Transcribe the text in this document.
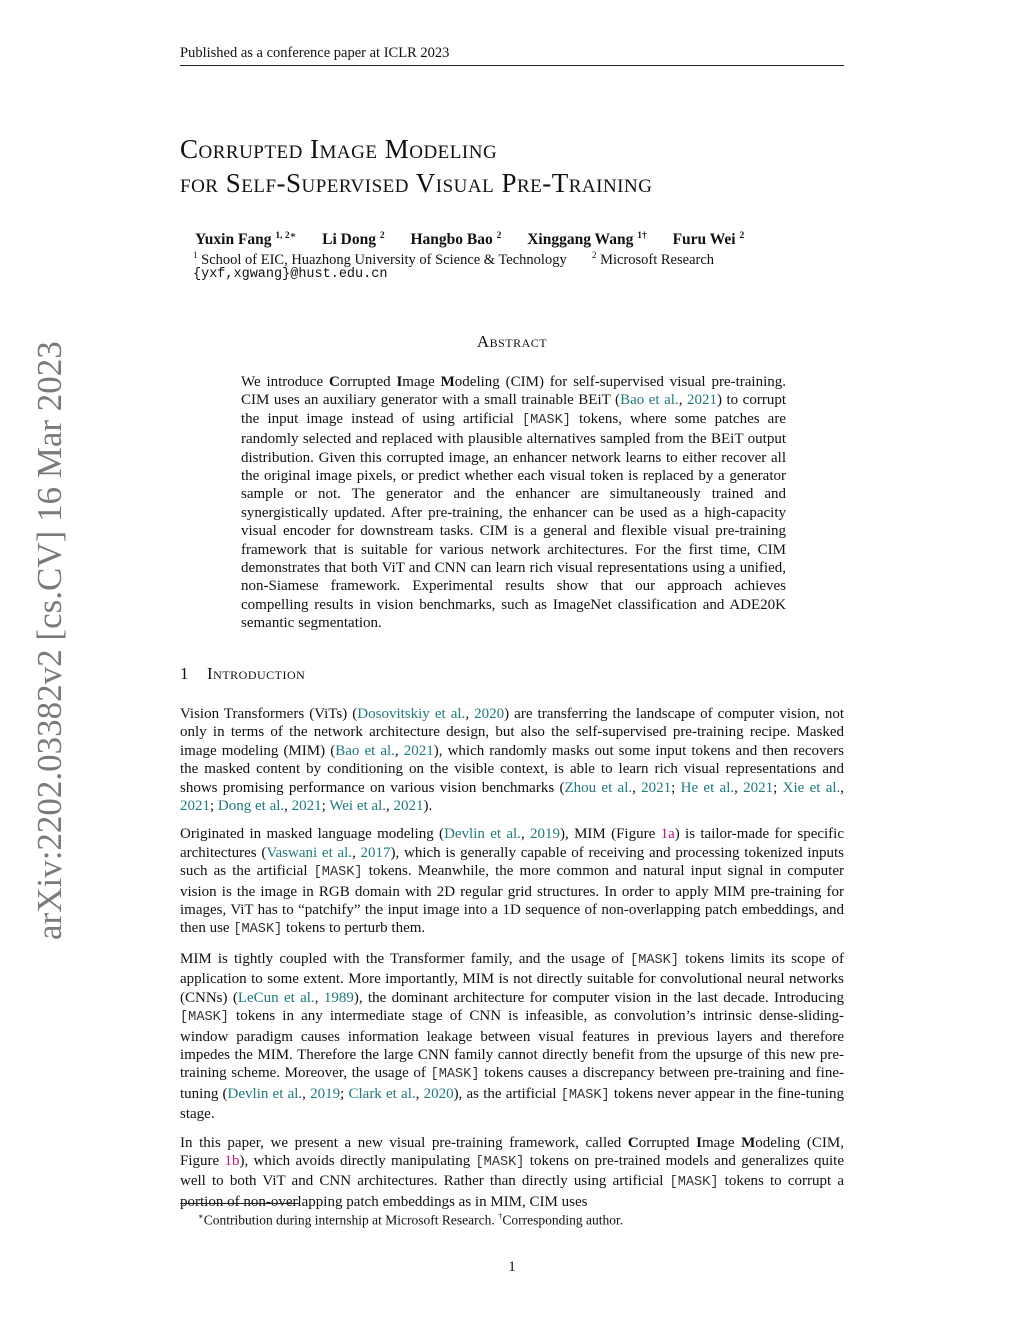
Published as a conference paper at ICLR 2023
arXiv:2202.03382v2 [cs.CV] 16 Mar 2023
Corrupted Image Modeling
for Self-Supervised Visual Pre-Training
Yuxin Fang $^{1, 2∗}$ Li Dong $^2$ Hangbo Bao $^2$ Xinggang Wang $^{1\dagger}$ Furu Wei $^2$
$^1$ School of EIC, Huazhong University of Science & Technology	$^2$ Microsoft Research
{yxf,xgwang}@hust.edu.cn
Abstract
We introduce Corrupted Image Modeling (CIM) for self-supervised visual pre-training. CIM uses an auxiliary generator with a small trainable BEiT (Bao et al., 2021) to corrupt the input image instead of using artificial [MASK] tokens, where some patches are randomly selected and replaced with plausible alternatives sampled from the BEiT output distribution. Given this corrupted image, an enhancer network learns to either recover all the original image pixels, or predict whether each visual token is replaced by a generator sample or not. The generator and the enhancer are simultaneously trained and synergistically updated. After pre-training, the enhancer can be used as a high-capacity visual encoder for downstream tasks. CIM is a general and flexible visual pre-training framework that is suitable for various network architectures. For the first time, CIM demonstrates that both ViT and CNN can learn rich visual representations using a unified, non-Siamese framework. Experimental results show that our approach achieves compelling results in vision benchmarks, such as ImageNet classification and ADE20K semantic segmentation.
1 Introduction

Vision Transformers (ViTs) (Dosovitskiy et al., 2020) are transferring the landscape of computer vision, not only in terms of the network architecture design, but also the self-supervised pre-training recipe. Masked image modeling (MIM) (Bao et al., 2021), which randomly masks out some input tokens and then recovers the masked content by conditioning on the visible context, is able to learn rich visual representations and shows promising performance on various vision benchmarks (Zhou et al., 2021; He et al., 2021; Xie et al., 2021; Dong et al., 2021; Wei et al., 2021).

Originated in masked language modeling (Devlin et al., 2019), MIM (Figure 1a) is tailor-made for specific architectures (Vaswani et al., 2017), which is generally capable of receiving and processing tokenized inputs such as the artificial [MASK] tokens. Meanwhile, the more common and natural input signal in computer vision is the image in RGB domain with 2D regular grid structures. In order to apply MIM pre-training for images, ViT has to “patchify” the input image into a 1D sequence of non-overlapping patch embeddings, and then use [MASK] tokens to perturb them.

MIM is tightly coupled with the Transformer family, and the usage of [MASK] tokens limits its scope of application to some extent. More importantly, MIM is not directly suitable for convolutional neural networks (CNNs) (LeCun et al., 1989), the dominant architecture for computer vision in the last decade. Introducing [MASK] tokens in any intermediate stage of CNN is infeasible, as convolution’s intrinsic dense-sliding-window paradigm causes information leakage between visual features in previous layers and therefore impedes the MIM. Therefore the large CNN family cannot directly benefit from the upsurge of this new pre-training scheme. Moreover, the usage of [MASK] tokens causes a discrepancy between pre-training and fine-tuning (Devlin et al., 2019; Clark et al., 2020), as the artificial [MASK] tokens never appear in the fine-tuning stage.

In this paper, we present a new visual pre-training framework, called Corrupted Image Modeling (CIM, Figure 1b), which avoids directly manipulating [MASK] tokens on pre-trained models and generalizes quite well to both ViT and CNN architectures. Rather than directly using artificial [MASK] tokens to corrupt a portion of non-overlapping patch embeddings as in MIM, CIM uses

∗Contribution during internship at Microsoft Research. †Corresponding author.
1
